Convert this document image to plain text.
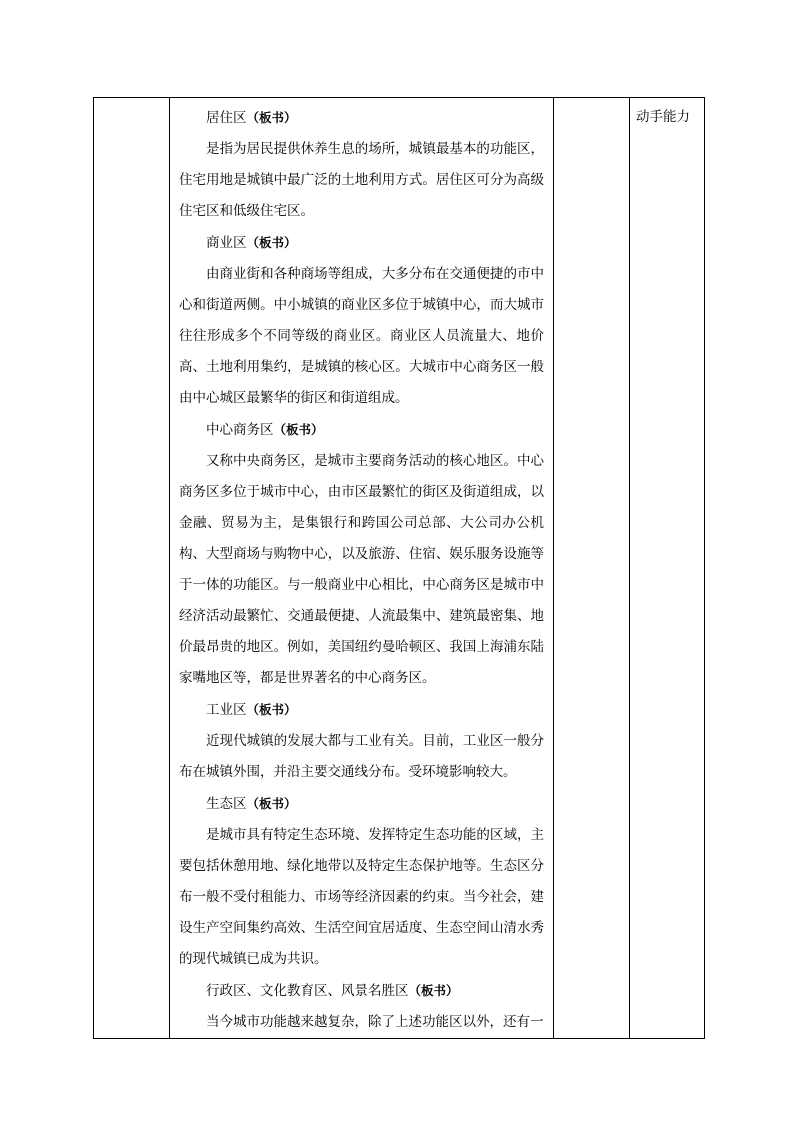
居住区（板书）

是指为居民提供休养生息的场所，城镇最基本的功能区，住宅用地是城镇中最广泛的土地利用方式。居住区可分为高级住宅区和低级住宅区。

商业区（板书）

由商业街和各种商场等组成，大多分布在交通便捷的市中心和街道两侧。中小城镇的商业区多位于城镇中心，而大城市往往形成多个不同等级的商业区。商业区人员流量大、地价高、土地利用集约，是城镇的核心区。大城市中心商务区一般由中心城区最繁华的街区和街道组成。

中心商务区（板书）

又称中央商务区，是城市主要商务活动的核心地区。中心商务区多位于城市中心，由市区最繁忙的街区及街道组成，以金融、贸易为主，是集银行和跨国公司总部、大公司办公机构、大型商场与购物中心，以及旅游、住宿、娱乐服务设施等于一体的功能区。与一般商业中心相比，中心商务区是城市中经济活动最繁忙、交通最便捷、人流最集中、建筑最密集、地价最昂贵的地区。例如，美国纽约曼哈顿区、我国上海浦东陆家嘴地区等，都是世界著名的中心商务区。

工业区（板书）

近现代城镇的发展大都与工业有关。目前，工业区一般分布在城镇外围，并沿主要交通线分布。受环境影响较大。

生态区（板书）

是城市具有特定生态环境、发挥特定生态功能的区域，主要包括休憩用地、绿化地带以及特定生态保护地等。生态区分布一般不受付租能力、市场等经济因素的约束。当今社会，建设生产空间集约高效、生活空间宜居适度、生态空间山清水秀的现代城镇已成为共识。

行政区、文化教育区、风景名胜区（板书）

当今城市功能越来越复杂，除了上述功能区以外，还有一

动手能力
